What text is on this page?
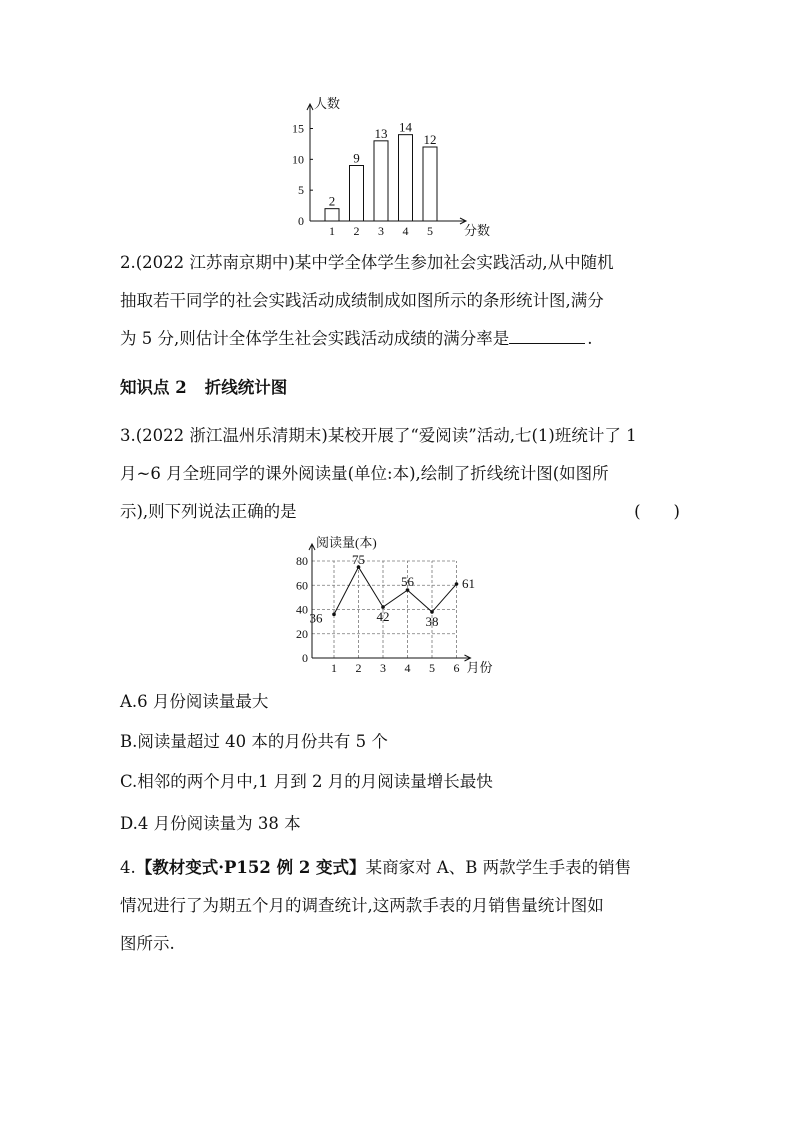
人数
分数
0
5
10
15
2
1
9
2
13
3
14
4
12
5
2.(2022 江苏南京期中)某中学全体学生参加社会实践活动,从中随机
抽取若干同学的社会实践活动成绩制成如图所示的条形统计图,满分
为 5 分,则估计全体学生社会实践活动成绩的满分率是	.
知识点 2 折线统计图
3.(2022 浙江温州乐清期末)某校开展了“爱阅读”活动,七(1)班统计了 1
月~6 月全班同学的课外阅读量(单位:本),绘制了折线统计图(如图所
示),则下列说法正确的是	(　　)
阅读量(本)
月份
0
20
40
60
80
1 2 3 4 5 6
36
75
42
56
38
61
A.6 月份阅读量最大
B.阅读量超过 40 本的月份共有 5 个
C.相邻的两个月中,1 月到 2 月的月阅读量增长最快
D.4 月份阅读量为 38 本
4.【教材变式·P152 例 2 变式】某商家对 A、B 两款学生手表的销售
情况进行了为期五个月的调查统计,这两款手表的月销售量统计图如
图所示.
